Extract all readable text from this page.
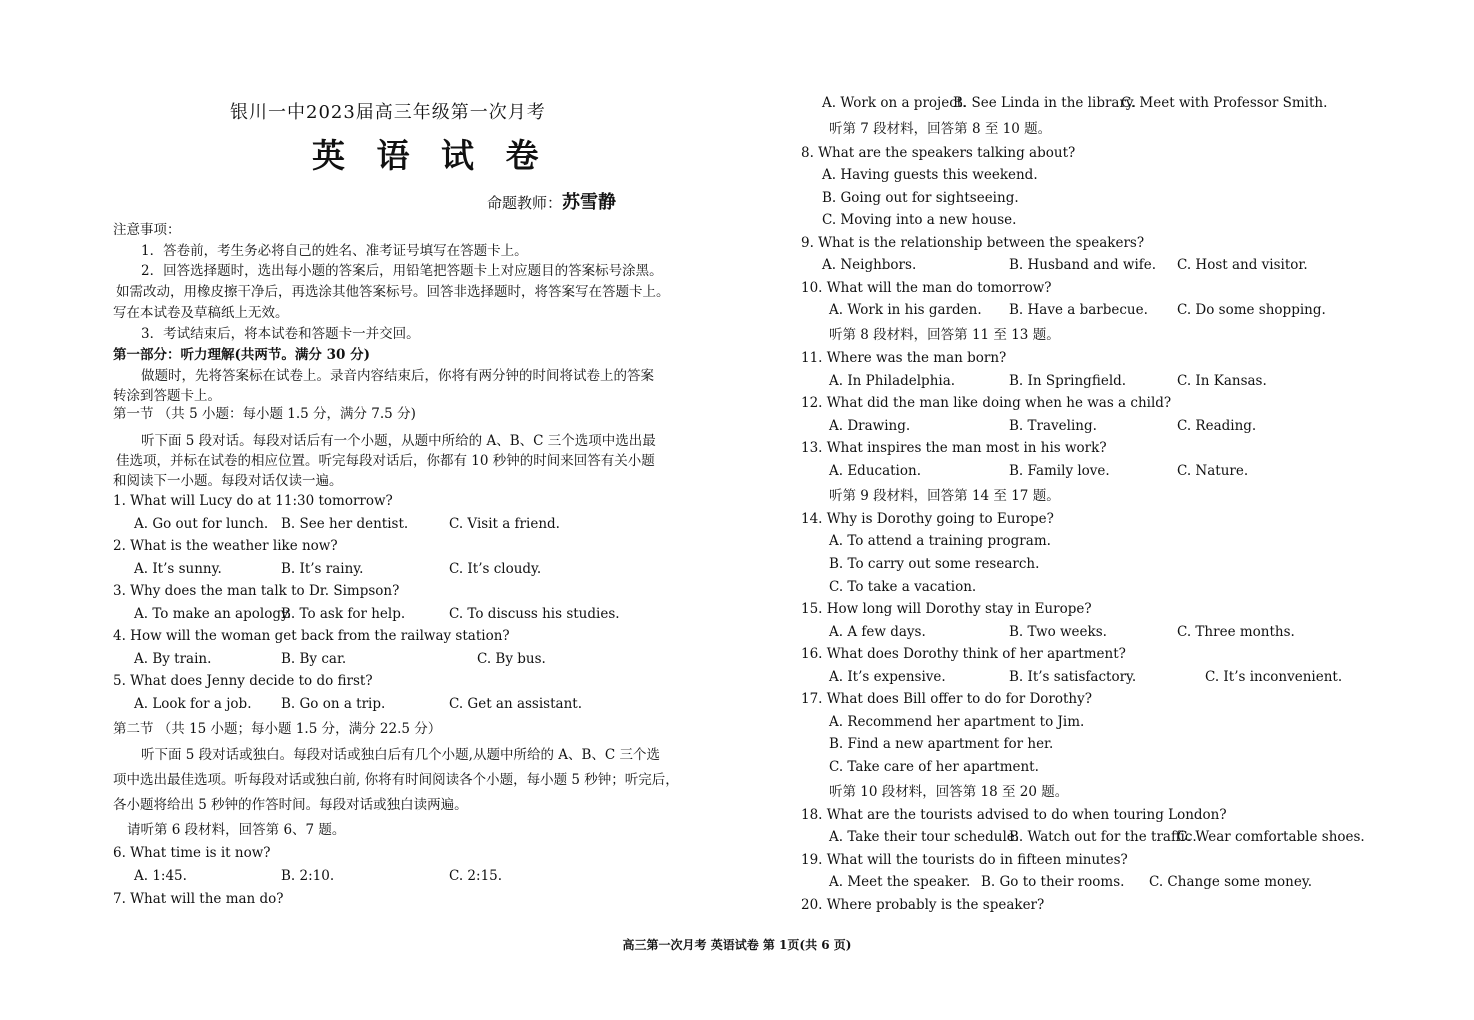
银川一中2023届高三年级第一次月考
英 语 试 卷
命题教师：苏雪静
注意事项：
1．答卷前，考生务必将自己的姓名、准考证号填写在答题卡上。
2．回答选择题时，选出每小题的答案后，用铅笔把答题卡上对应题目的答案标号涂黑。
如需改动，用橡皮擦干净后，再选涂其他答案标号。回答非选择题时，将答案写在答题卡上。
写在本试卷及草稿纸上无效。
3．考试结束后，将本试卷和答题卡一并交回。
第一部分：听力理解(共两节。满分 30 分)
做题时，先将答案标在试卷上。录音内容结束后，你将有两分钟的时间将试卷上的答案
转涂到答题卡上。
第一节 （共 5 小题：每小题 1.5 分，满分 7.5 分)
听下面 5 段对话。每段对话后有一个小题，从题中所给的 A、B、C 三个选项中选出最
佳选项，并标在试卷的相应位置。听完每段对话后，你都有 10 秒钟的时间来回答有关小题
和阅读下一小题。每段对话仅读一遍。
1. What will Lucy do at 11:30 tomorrow?
A. Go out for lunch. B. See her dentist.	C. Visit a friend.
2. What is the weather like now?
A. It’s sunny.	B. It’s rainy.	C. It’s cloudy.
3. Why does the man talk to Dr. Simpson?
A. To make an apology.
B. To ask for help.	C. To discuss his studies.
4. How will the woman get back from the railway station?
A. By train.	B. By car.	C. By bus.
5. What does Jenny decide to do first?
A. Look for a job. B. Go on a trip.	C. Get an assistant.
第二节 （共 15 小题；每小题 1.5 分，满分 22.5 分）
听下面 5 段对话或独白。每段对话或独白后有几个小题,从题中所给的 A、B、C 三个选
项中选出最佳选项。听每段对话或独白前, 你将有时间阅读各个小题，每小题 5 秒钟；听完后，
各小题将给出 5 秒钟的作答时间。每段对话或独白读两遍。
请听第 6 段材料，回答第 6、7 题。
6. What time is it now?
A. 1:45.	B. 2:10.	C. 2:15.
7. What will the man do?
A. Work on a project.
B. See Linda in the library.
C. Meet with Professor Smith.
听第 7 段材料，回答第 8 至 10 题。
8. What are the speakers talking about?
A. Having guests this weekend.
B. Going out for sightseeing.
C. Moving into a new house.
9. What is the relationship between the speakers?
A. Neighbors.	B. Husband and wife. C. Host and visitor.
10. What will the man do tomorrow?
A. Work in his garden. B. Have a barbecue. C. Do some shopping.
听第 8 段材料，回答第 11 至 13 题。
11. Where was the man born?
A. In Philadelphia.	B. In Springfield.	C. In Kansas.
12. What did the man like doing when he was a child?
A. Drawing.	B. Traveling.	C. Reading.
13. What inspires the man most in his work?
A. Education.	B. Family love.	C. Nature.
听第 9 段材料，回答第 14 至 17 题。
14. Why is Dorothy going to Europe?
A. To attend a training program.
B. To carry out some research.
C. To take a vacation.
15. How long will Dorothy stay in Europe?
A. A few days.	B. Two weeks.	C. Three months.
16. What does Dorothy think of her apartment?
A. It’s expensive.	B. It’s satisfactory.	C. It’s inconvenient.
17. What does Bill offer to do for Dorothy?
A. Recommend her apartment to Jim.
B. Find a new apartment for her.
C. Take care of her apartment.
听第 10 段材料，回答第 18 至 20 题。
18. What are the tourists advised to do when touring London?
A. Take their tour schedule.
B. Watch out for the traffic.
C. Wear comfortable shoes.
19. What will the tourists do in fifteen minutes?
A. Meet the speaker. B. Go to their rooms. C. Change some money.
20. Where probably is the speaker?
高三第一次月考 英语试卷 第 1页(共 6 页)
